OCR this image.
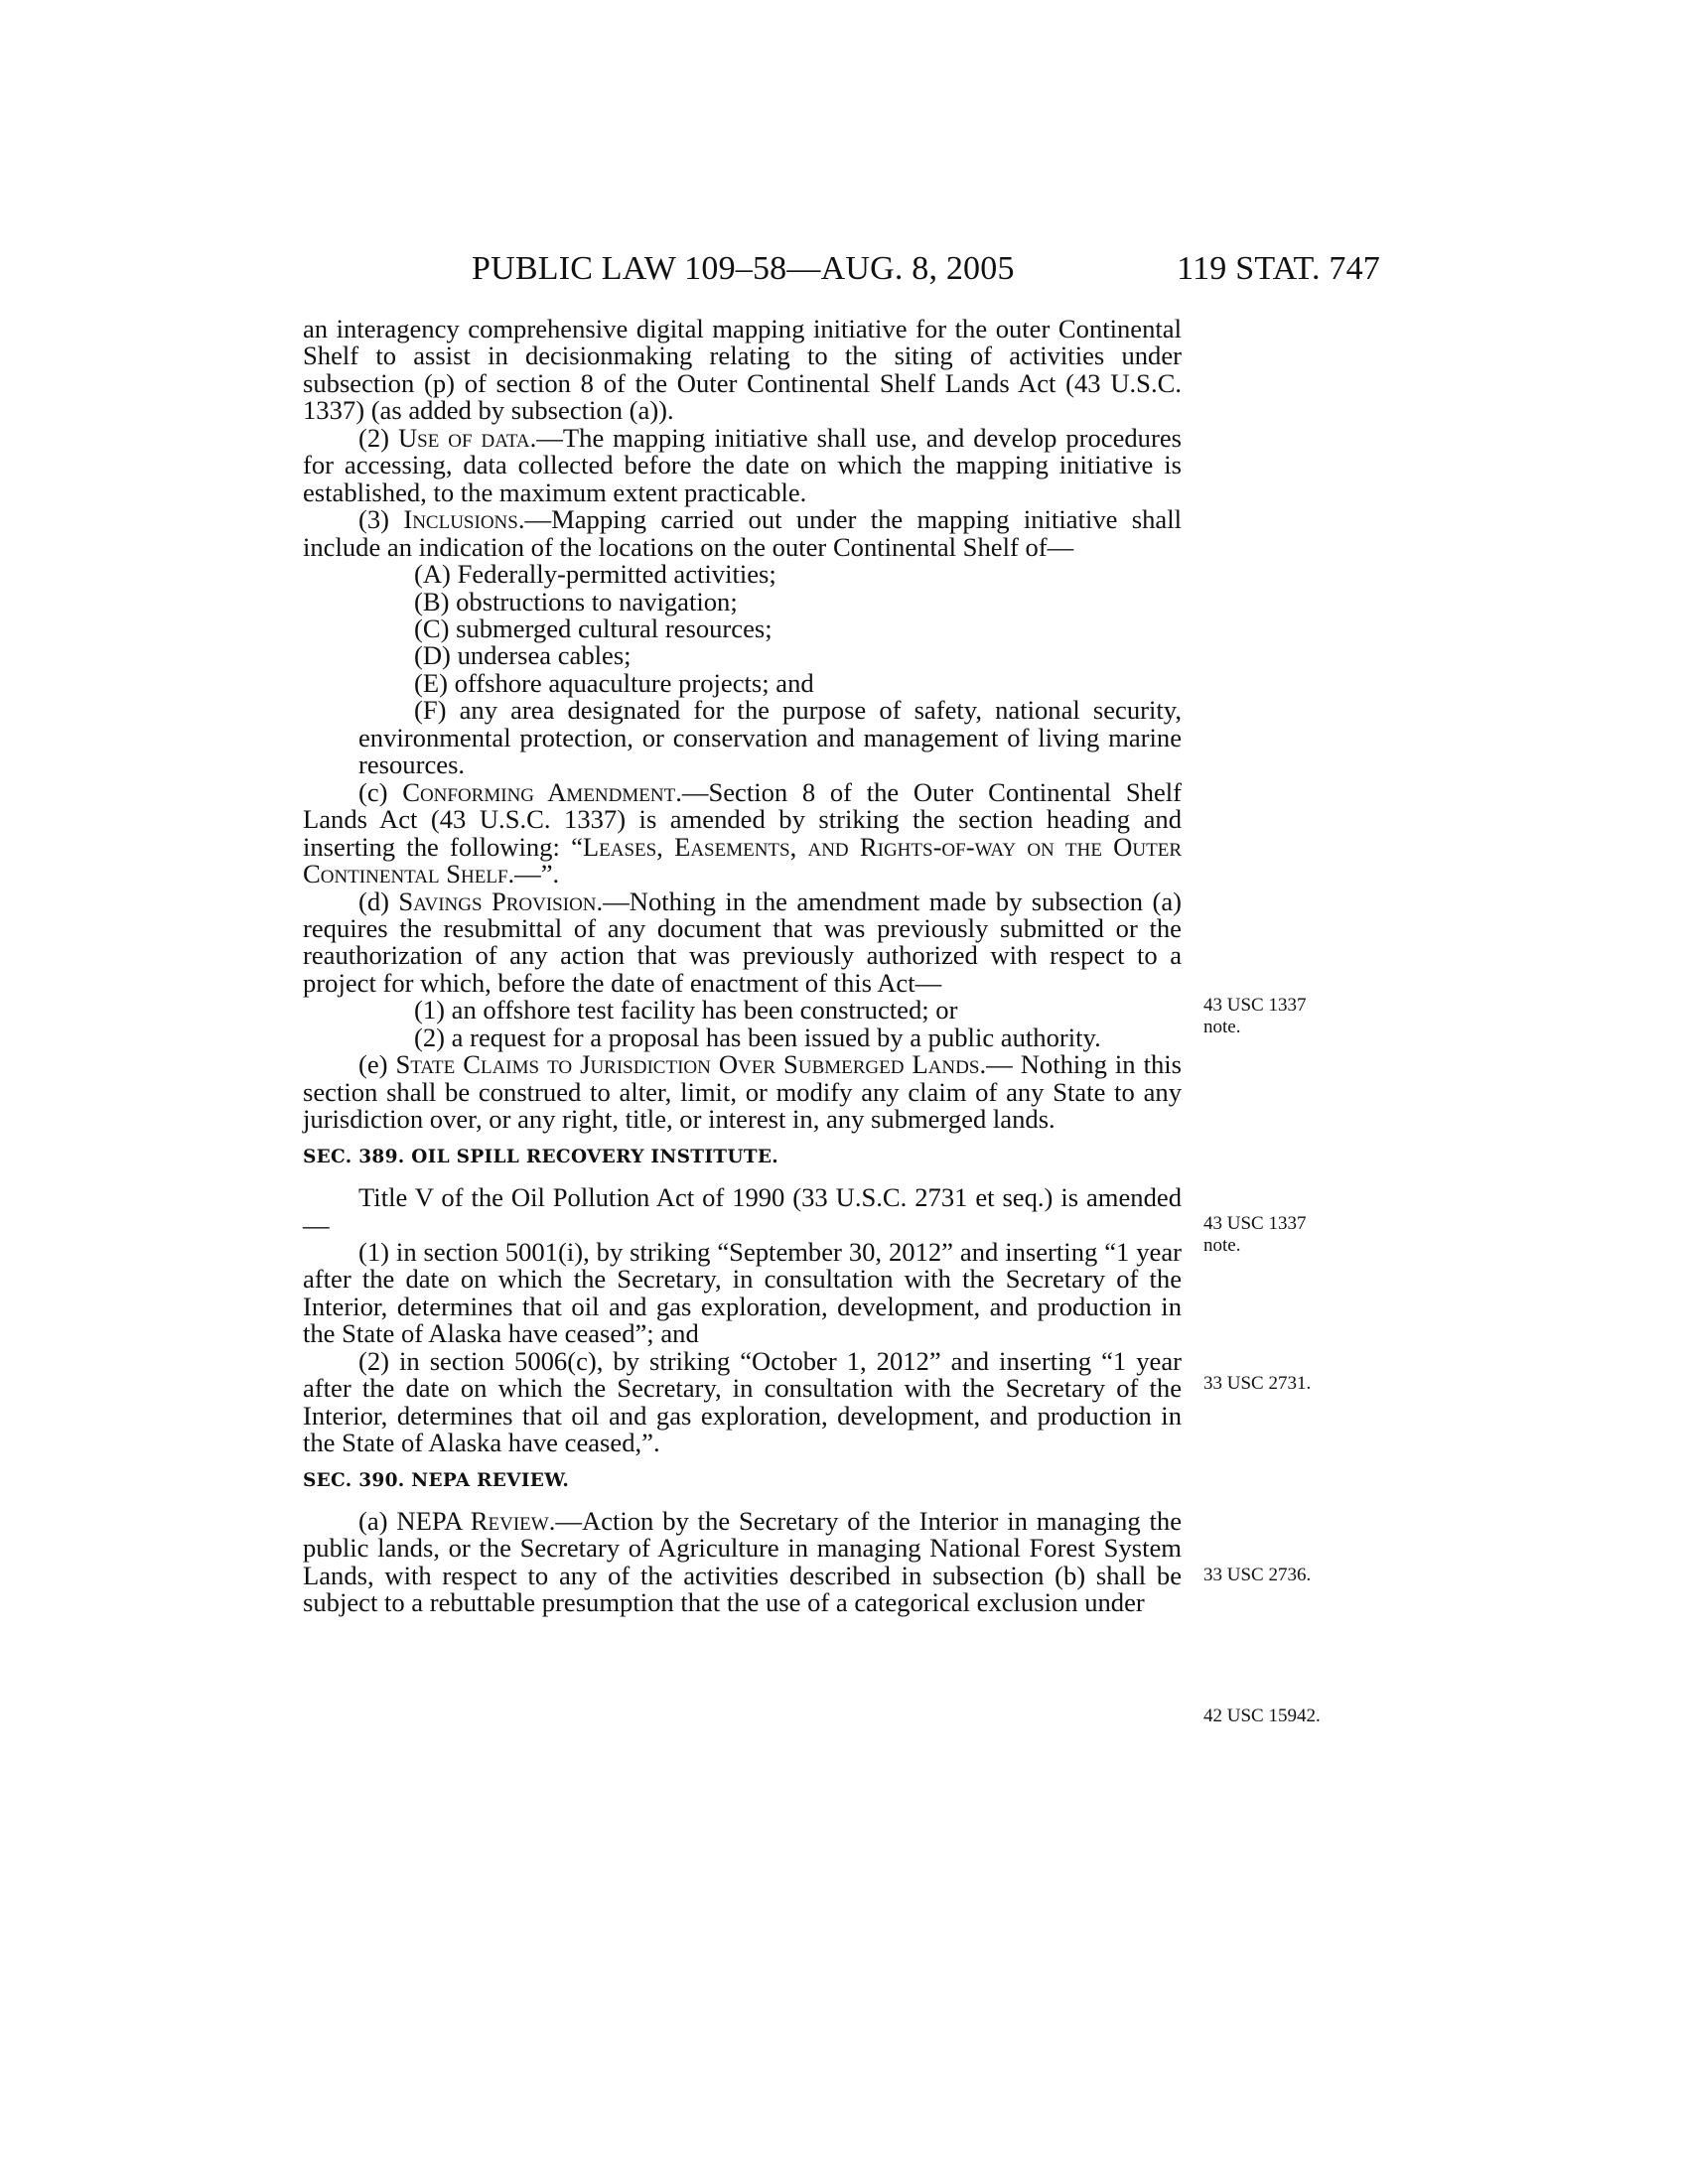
PUBLIC LAW 109–58—AUG. 8, 2005	119 STAT. 747

an interagency comprehensive digital mapping initiative for the outer Continental Shelf to assist in decisionmaking relating to the siting of activities under subsection (p) of section 8 of the Outer Continental Shelf Lands Act (43 U.S.C. 1337) (as added by subsection (a)).

(2) Use of data.—The mapping initiative shall use, and develop procedures for accessing, data collected before the date on which the mapping initiative is established, to the maximum extent practicable.

(3) Inclusions.—Mapping carried out under the mapping initiative shall include an indication of the locations on the outer Continental Shelf of—

(A) Federally-permitted activities;

(B) obstructions to navigation;

(C) submerged cultural resources;

(D) undersea cables;

(E) offshore aquaculture projects; and

(F) any area designated for the purpose of safety, national security, environmental protection, or conservation and management of living marine resources.

(c) Conforming Amendment.—Section 8 of the Outer Continental Shelf Lands Act (43 U.S.C. 1337) is amended by striking the section heading and inserting the following: “Leases, Easements, and Rights-of-way on the Outer Continental Shelf.—”.

(d) Savings Provision.—Nothing in the amendment made by subsection (a) requires the resubmittal of any document that was previously submitted or the reauthorization of any action that was previously authorized with respect to a project for which, before the date of enactment of this Act—

(1) an offshore test facility has been constructed; or

(2) a request for a proposal has been issued by a public authority.

(e) State Claims to Jurisdiction Over Submerged Lands.— Nothing in this section shall be construed to alter, limit, or modify any claim of any State to any jurisdiction over, or any right, title, or interest in, any submerged lands.

SEC. 389. OIL SPILL RECOVERY INSTITUTE.

Title V of the Oil Pollution Act of 1990 (33 U.S.C. 2731 et seq.) is amended—

(1) in section 5001(i), by striking “September 30, 2012” and inserting “1 year after the date on which the Secretary, in consultation with the Secretary of the Interior, determines that oil and gas exploration, development, and production in the State of Alaska have ceased”; and

(2) in section 5006(c), by striking “October 1, 2012” and inserting “1 year after the date on which the Secretary, in consultation with the Secretary of the Interior, determines that oil and gas exploration, development, and production in the State of Alaska have ceased,”.

SEC. 390. NEPA REVIEW.

(a) NEPA Review.—Action by the Secretary of the Interior in managing the public lands, or the Secretary of Agriculture in managing National Forest System Lands, with respect to any of the activities described in subsection (b) shall be subject to a rebuttable presumption that the use of a categorical exclusion under

43 USC 1337
note.
43 USC 1337
note.
33 USC 2731.
33 USC 2736.
42 USC 15942.
